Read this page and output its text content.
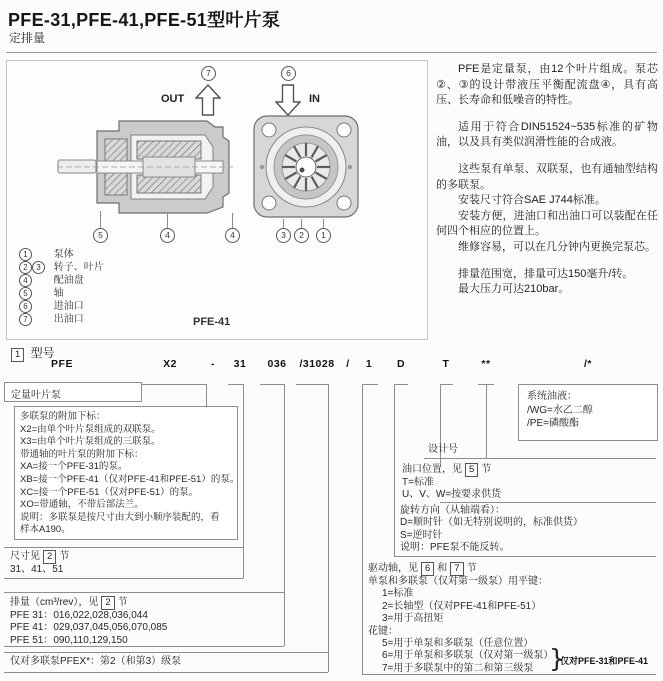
PFE-31,PFE-41,PFE-51型叶片泵
定排量
7	6
OUT	IN
5	4	4	3	2	1
1	泵体
2 3 转子、叶片
4	配油盘
5	轴
6	进油口
7	出油口	PFE-41

PFE是定量泵，由12个叶片组成。泵芯②、③的设计带液压平衡配流盘④，具有高压、长寿命和低噪音的特性。

适用于符合DIN51524~535标准的矿物油，以及具有类似润滑性能的合成液。

这些泵有单泵、双联泵，也有通轴型结构的多联泵。

安装尺寸符合SAE J744标准。

安装方便，进油口和出油口可以装配在任何四个相应的位置上。

维修容易，可以在几分钟内更换完泵芯。

排量范围宽，排量可达150毫升/转。

最大压力可达210bar。

1 型号
PFE	X2	- 31 036 /31028 / 1 D	T	**	/*
定量叶片泵
多联泵的附加下标：
X2=由单个叶片泵组成的双联泵。
X3=由单个叶片泵组成的三联泵。
带通轴的叶片泵的附加下标：
XA=接一个PFE-31的泵。
XB=接一个PFE-41（仅对PFE-41和PFE-51）的泵。
XC=接一个PFE-51（仅对PFE-51）的泵。
XO=带通轴，不带后部法兰。
说明：多联泵是按尺寸由大到小顺序装配的，看
样本A190。
尺寸见 2 节
31、41、51
排量（cm³/rev），见 2 节
PFE 31：016,022,028,036,044
PFE 41：029,037,045,056,070,085
PFE 51：090,110,129,150
仅对多联泵PFEX*：第2（和第3）级泵
驱动轴，见 6 和 7 节
单泵和多联泵（仅对第一级泵）用平键：
1=标准
2=长轴型（仅对PFE-41和PFE-51）
3=用于高扭矩
花键：
5=用于单泵和多联泵（任意位置）
6=用于单泵和多联泵（仅对第一级泵）
7=用于多联泵中的第二和第三级泵 }
仅对PFE-31和PFE-41
旋转方向（从轴端看）：
D=顺时针（如无特别说明的，标准供货）
S=逆时针
说明：PFE泵不能反转。
油口位置，见 5 节
T=标准
U、V、W=按要求供货
设计号
系统油液：
/WG=水乙二醇
/PE=磷酸酯
